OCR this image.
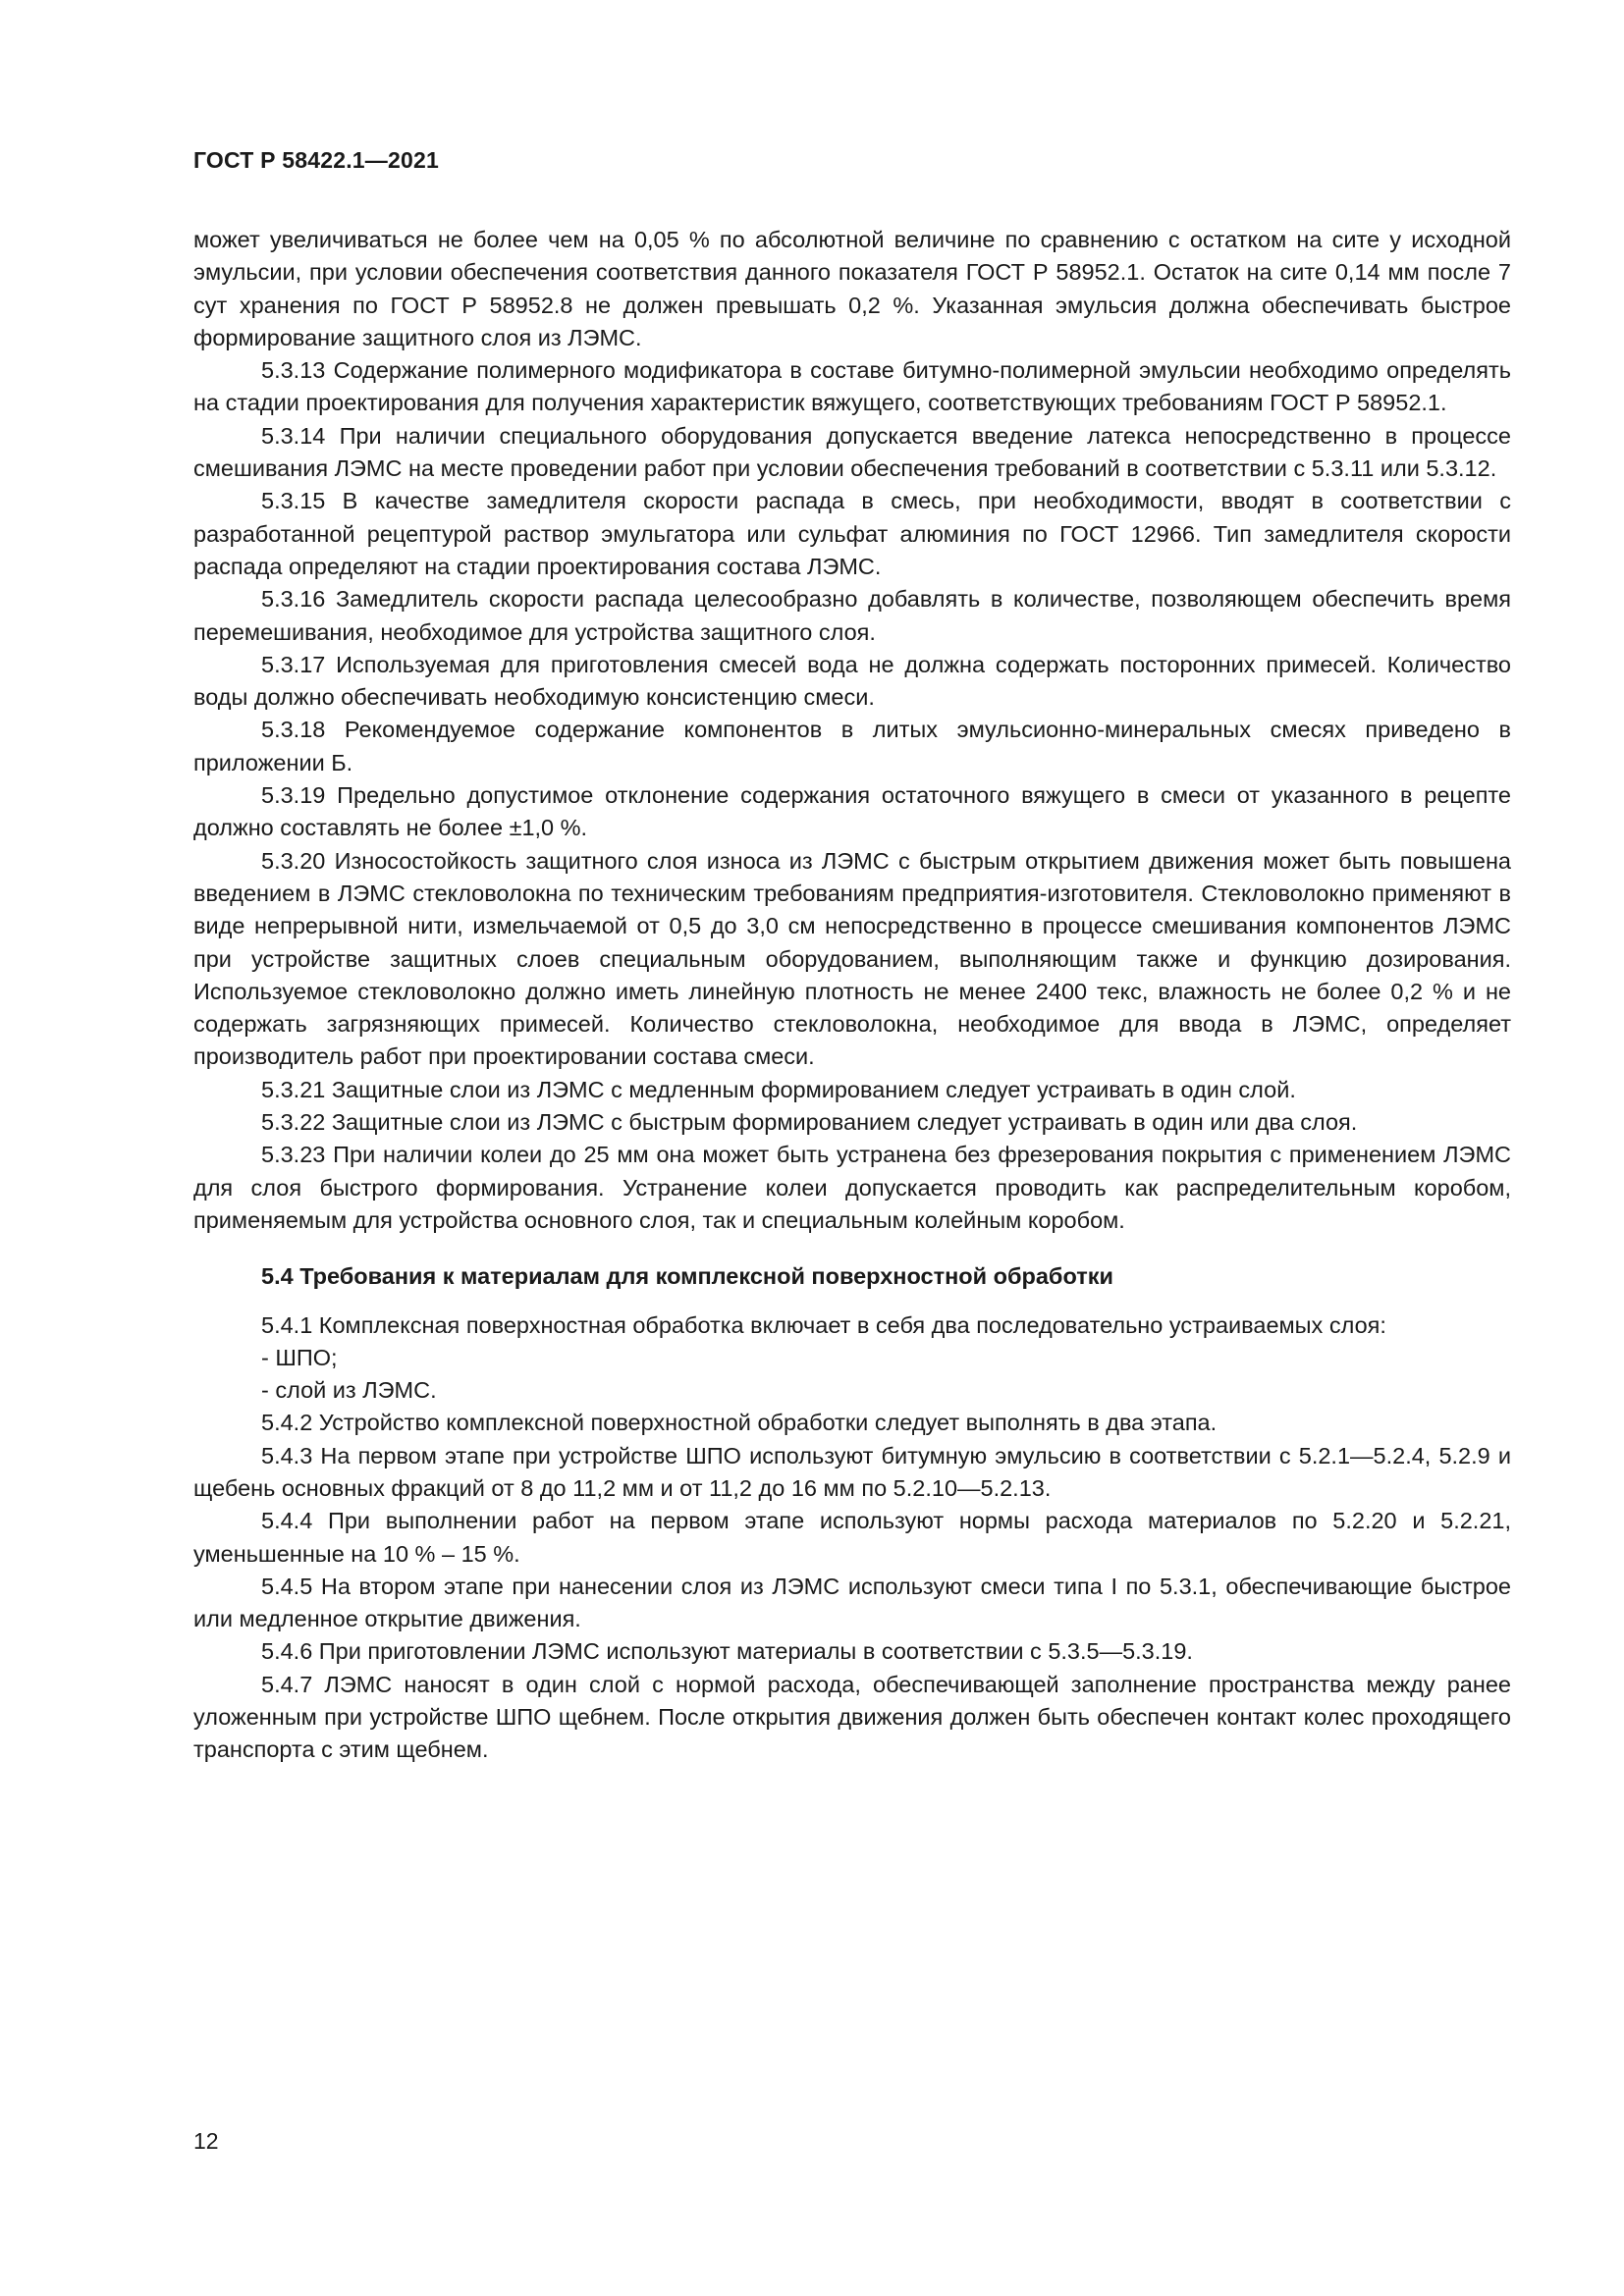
ГОСТ Р 58422.1—2021

может увеличиваться не более чем на 0,05 % по абсолютной величине по сравнению с остатком на сите у исходной эмульсии, при условии обеспечения соответствия данного показателя ГОСТ Р 58952.1. Остаток на сите 0,14 мм после 7 сут хранения по ГОСТ Р 58952.8 не должен превышать 0,2 %. Указанная эмульсия должна обеспечивать быстрое формирование защитного слоя из ЛЭМС.

5.3.13 Содержание полимерного модификатора в составе битумно-полимерной эмульсии необходимо определять на стадии проектирования для получения характеристик вяжущего, соответствующих требованиям ГОСТ Р 58952.1.

5.3.14 При наличии специального оборудования допускается введение латекса непосредственно в процессе смешивания ЛЭМС на месте проведении работ при условии обеспечения требований в соответствии с 5.3.11 или 5.3.12.

5.3.15 В качестве замедлителя скорости распада в смесь, при необходимости, вводят в соответствии с разработанной рецептурой раствор эмульгатора или сульфат алюминия по ГОСТ 12966. Тип замедлителя скорости распада определяют на стадии проектирования состава ЛЭМС.

5.3.16 Замедлитель скорости распада целесообразно добавлять в количестве, позволяющем обеспечить время перемешивания, необходимое для устройства защитного слоя.

5.3.17 Используемая для приготовления смесей вода не должна содержать посторонних примесей. Количество воды должно обеспечивать необходимую консистенцию смеси.

5.3.18 Рекомендуемое содержание компонентов в литых эмульсионно-минеральных смесях приведено в приложении Б.

5.3.19 Предельно допустимое отклонение содержания остаточного вяжущего в смеси от указанного в рецепте должно составлять не более ±1,0 %.

5.3.20 Износостойкость защитного слоя износа из ЛЭМС с быстрым открытием движения может быть повышена введением в ЛЭМС стекловолокна по техническим требованиям предприятия-изготовителя. Стекловолокно применяют в виде непрерывной нити, измельчаемой от 0,5 до 3,0 см непосредственно в процессе смешивания компонентов ЛЭМС при устройстве защитных слоев специальным оборудованием, выполняющим также и функцию дозирования. Используемое стекловолокно должно иметь линейную плотность не менее 2400 текс, влажность не более 0,2 % и не содержать загрязняющих примесей. Количество стекловолокна, необходимое для ввода в ЛЭМС, определяет производитель работ при проектировании состава смеси.

5.3.21 Защитные слои из ЛЭМС с медленным формированием следует устраивать в один слой.

5.3.22 Защитные слои из ЛЭМС с быстрым формированием следует устраивать в один или два слоя.

5.3.23 При наличии колеи до 25 мм она может быть устранена без фрезерования покрытия с применением ЛЭМС для слоя быстрого формирования. Устранение колеи допускается проводить как распределительным коробом, применяемым для устройства основного слоя, так и специальным колейным коробом.

5.4 Требования к материалам для комплексной поверхностной обработки

5.4.1 Комплексная поверхностная обработка включает в себя два последовательно устраиваемых слоя:

- ШПО;

- слой из ЛЭМС.

5.4.2 Устройство комплексной поверхностной обработки следует выполнять в два этапа.

5.4.3 На первом этапе при устройстве ШПО используют битумную эмульсию в соответствии с 5.2.1—5.2.4, 5.2.9 и щебень основных фракций от 8 до 11,2 мм и от 11,2 до 16 мм по 5.2.10—5.2.13.

5.4.4 При выполнении работ на первом этапе используют нормы расхода материалов по 5.2.20 и 5.2.21, уменьшенные на 10 % – 15 %.

5.4.5 На втором этапе при нанесении слоя из ЛЭМС используют смеси типа I по 5.3.1, обеспечивающие быстрое или медленное открытие движения.

5.4.6 При приготовлении ЛЭМС используют материалы в соответствии с 5.3.5—5.3.19.

5.4.7 ЛЭМС наносят в один слой с нормой расхода, обеспечивающей заполнение пространства между ранее уложенным при устройстве ШПО щебнем. После открытия движения должен быть обеспечен контакт колес проходящего транспорта с этим щебнем.

12
